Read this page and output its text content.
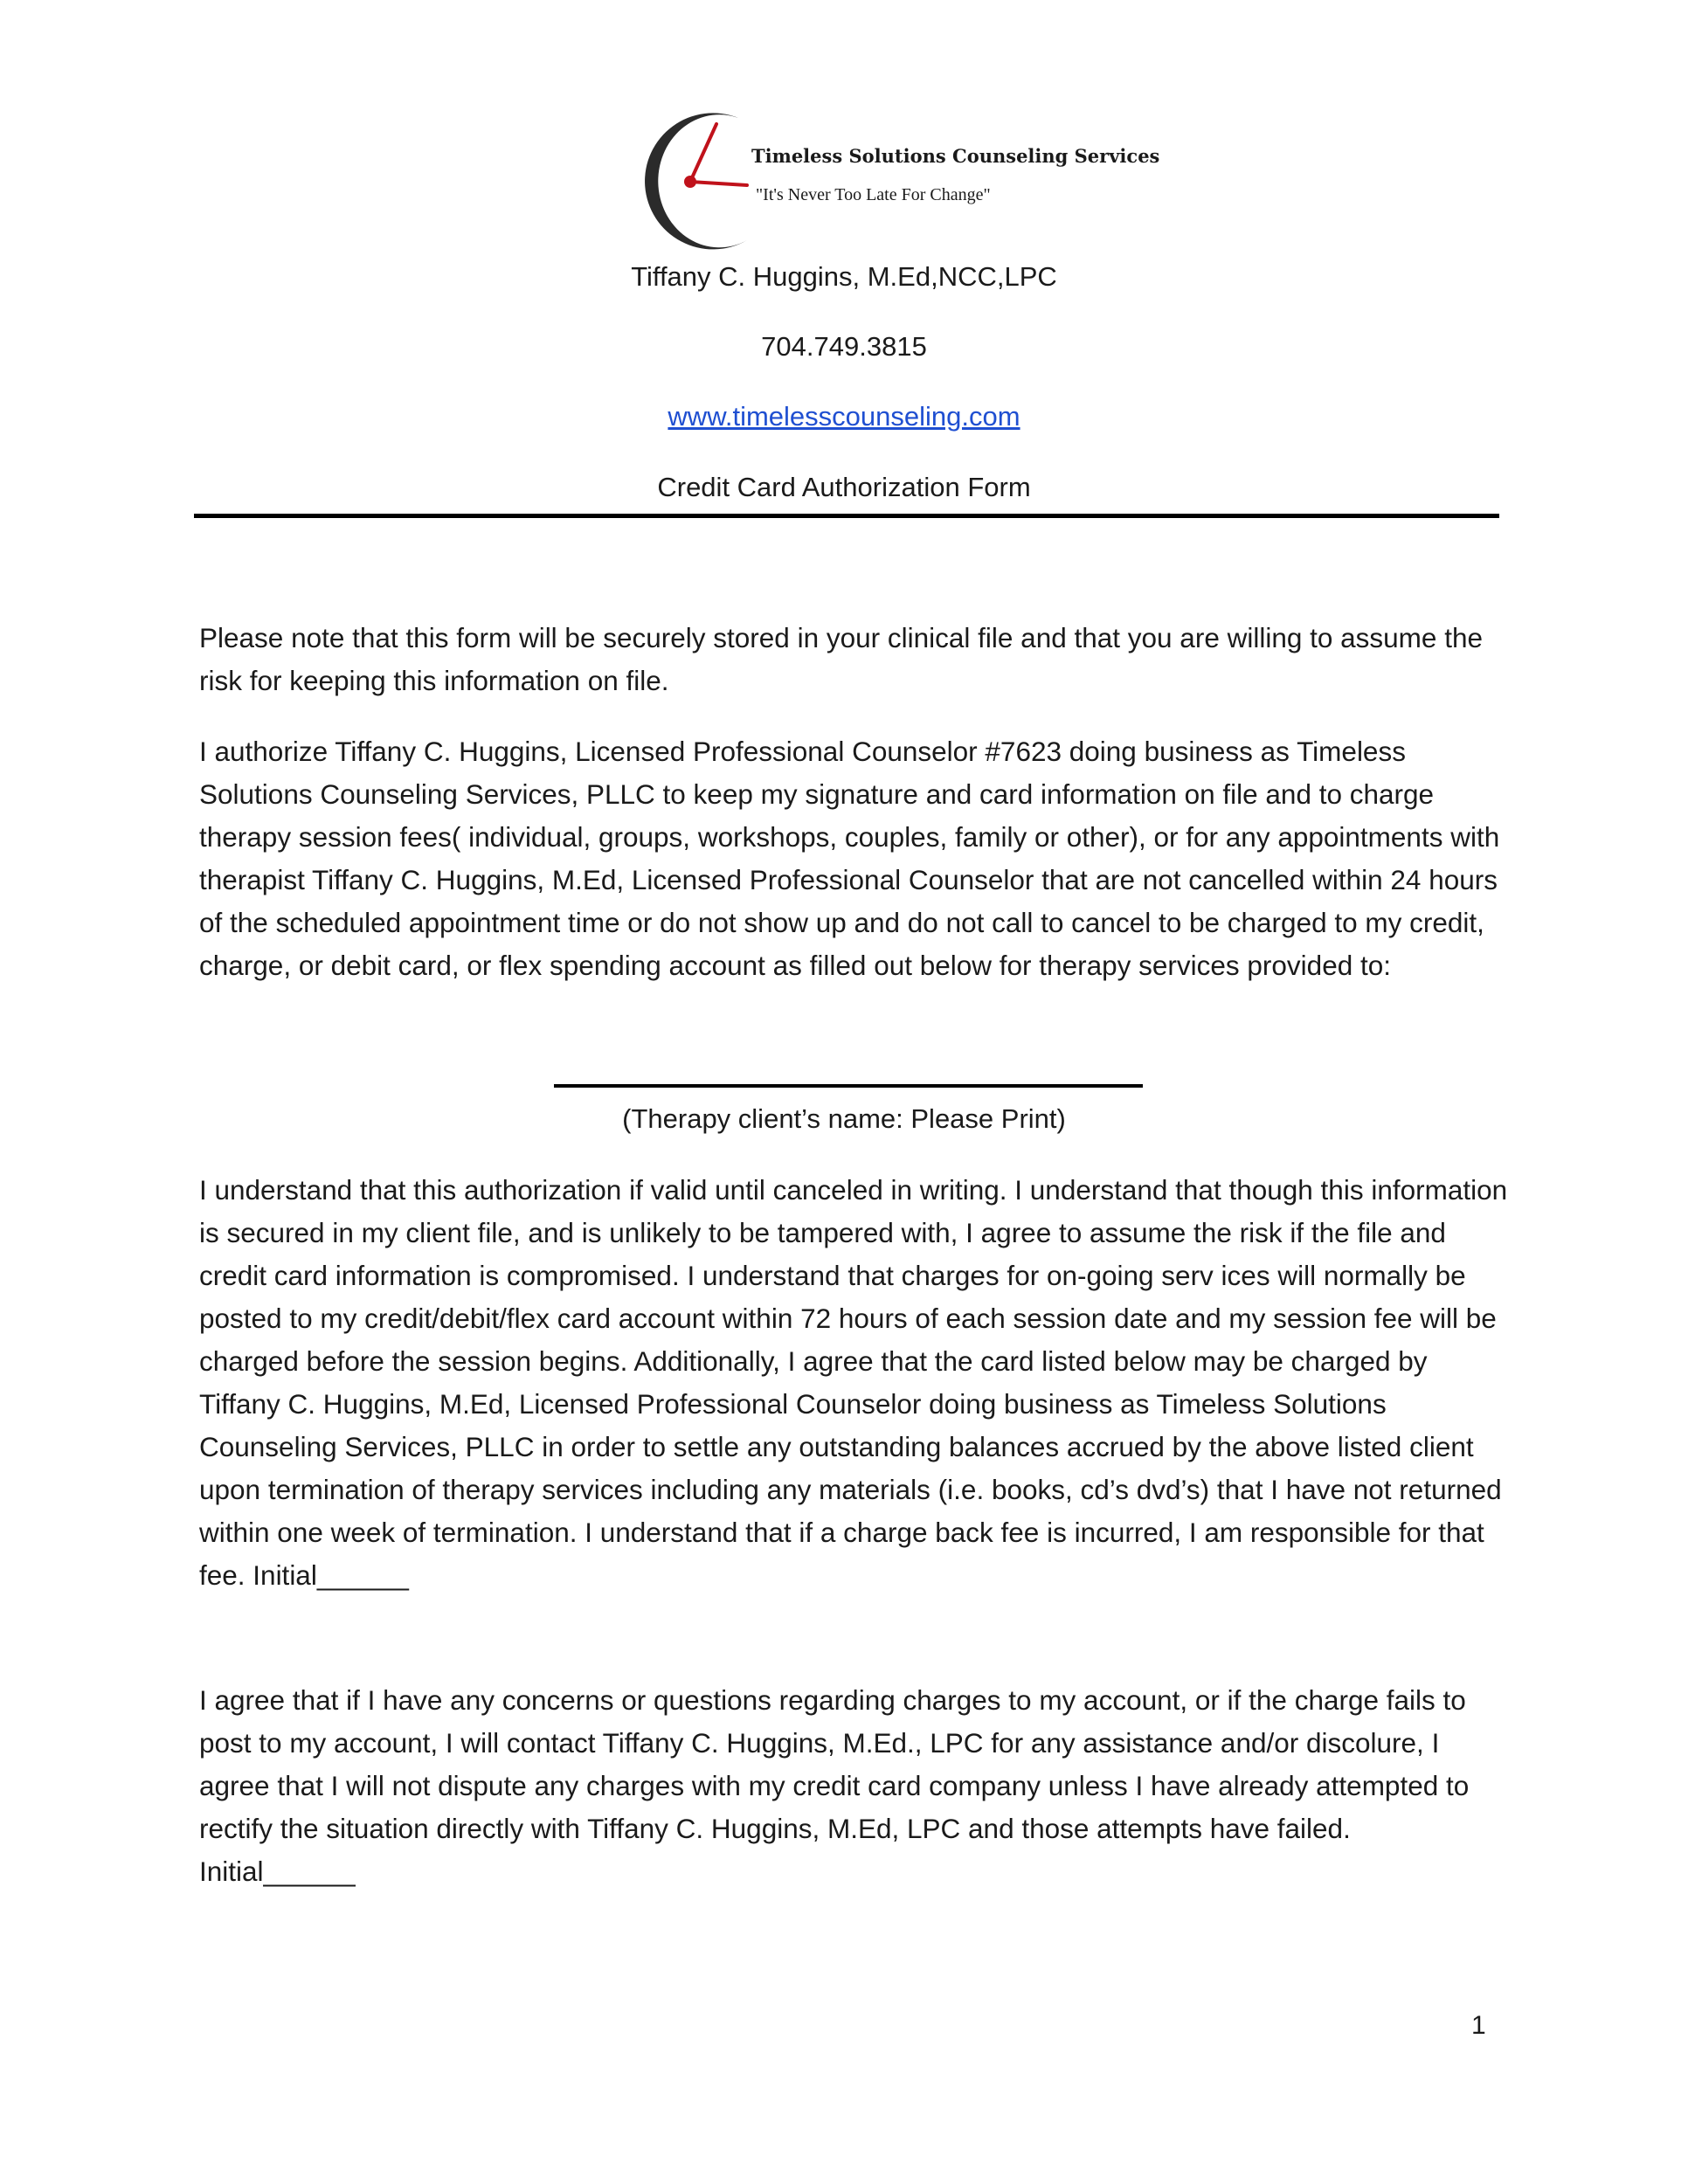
Timeless Solutions Counseling Services
"It's Never Too Late For Change"
Tiffany C. Huggins, M.Ed,NCC,LPC
704.749.3815
www.timelesscounseling.com
Credit Card Authorization Form

Please note that this form will be securely stored in your clinical file and that you are willing to assume the risk for keeping this information on file.

I authorize Tiffany C. Huggins, Licensed Professional Counselor #7623 doing business as Timeless Solutions Counseling Services, PLLC to keep my signature and card information on file and to charge therapy session fees( individual, groups, workshops, couples, family or other), or for any appointments with therapist Tiffany C. Huggins, M.Ed, Licensed Professional Counselor that are not cancelled within 24 hours of the scheduled appointment time or do not show up and do not call to cancel to be charged to my credit, charge, or debit card, or flex spending account as filled out below for therapy services provided to:

(Therapy client’s name: Please Print)

I understand that this authorization if valid until canceled in writing. I understand that though this information is secured in my client file, and is unlikely to be tampered with, I agree to assume the risk if the file and credit card information is compromised. I understand that charges for on-going serv ices will normally be posted to my credit/debit/flex card account within 72 hours of each session date and my session fee will be charged before the session begins. Additionally, I agree that the card listed below may be charged by Tiffany C. Huggins, M.Ed, Licensed Professional Counselor doing business as Timeless Solutions Counseling Services, PLLC in order to settle any outstanding balances accrued by the above listed client upon termination of therapy services including any materials (i.e. books, cd’s dvd’s) that I have not returned within one week of termination. I understand that if a charge back fee is incurred, I am responsible for that fee. Initial______

I agree that if I have any concerns or questions regarding charges to my account, or if the charge fails to post to my account, I will contact Tiffany C. Huggins, M.Ed., LPC for any assistance and/or discolure, I agree that I will not dispute any charges with my credit card company unless I have already attempted to rectify the situation directly with Tiffany C. Huggins, M.Ed, LPC and those attempts have failed. Initial______

1
